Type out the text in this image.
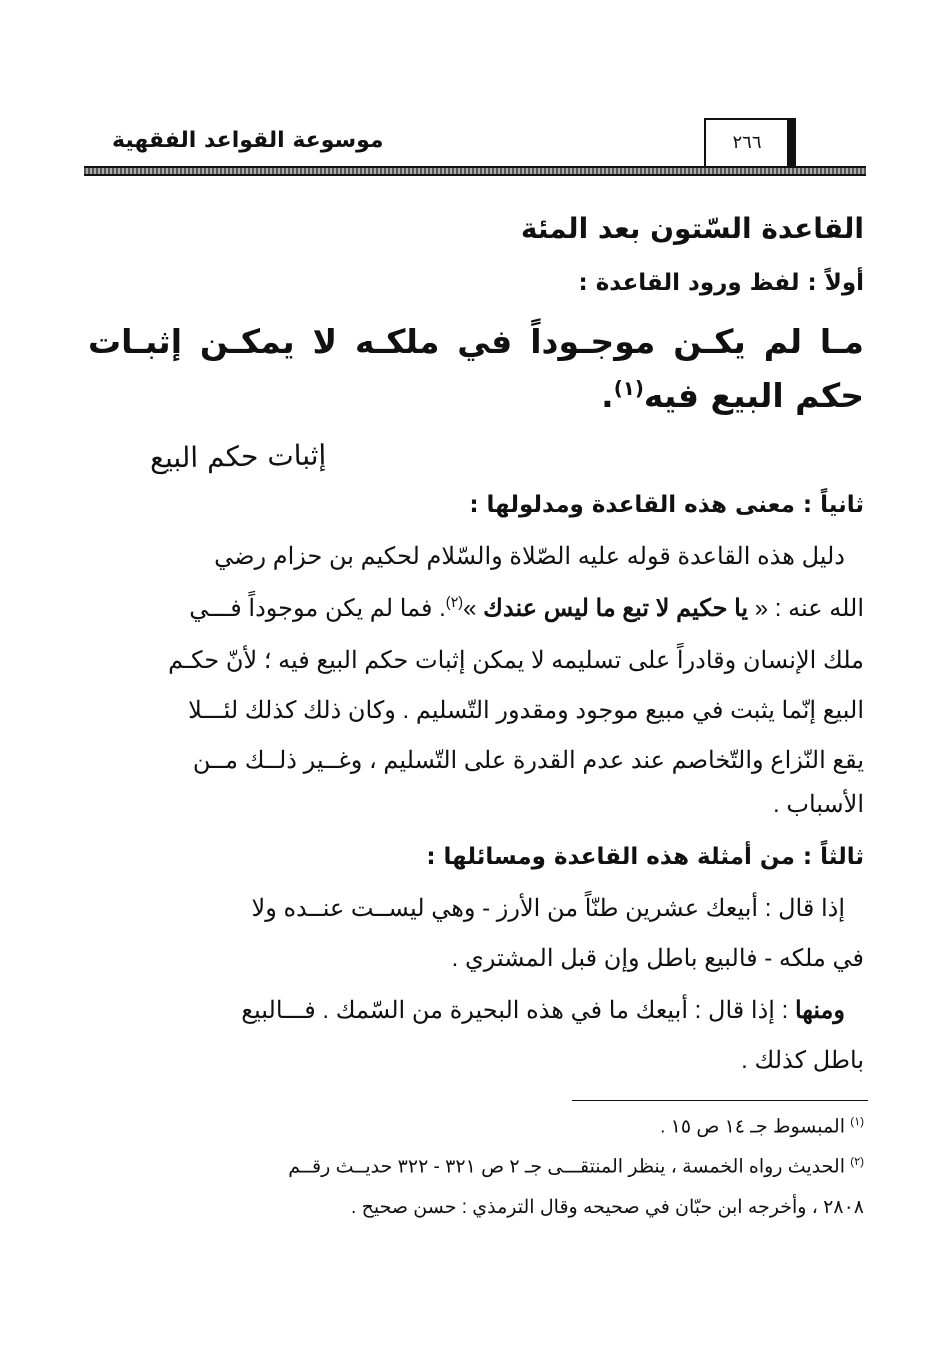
موسوعة القواعد الفقهية	٢٦٦
القاعدة السّتون بعد المئة
أولاً : لفظ ورود القاعدة :
مـا
لم
يكـن
موجـوداً
في
ملكـه
لا
يمكـن
إثبـات
حكم البيع فيه$^{(١)}$.
إثبات حكم البيع
ثانياً : معنى هذه القاعدة ومدلولها :
دليل هذه القاعدة قوله عليه الصّلاة والسّلام لحكيم بن حزام رضي
الله عنه : « يا حكيم لا تبع ما ليس عندك »$^{(٢)}$. فما لم يكن موجوداً فـــي
ملك الإنسان وقادراً على تسليمه لا يمكن إثبات حكم البيع فيه ؛ لأنّ حكـم
البيع إنّما يثبت في مبيع موجود ومقدور التّسليم . وكان ذلك كذلك لئـــلا
يقع النّزاع والتّخاصم عند عدم القدرة على التّسليم ، وغــير ذلــك مــن
الأسباب .
ثالثاً : من أمثلة هذه القاعدة ومسائلها :
إذا قال : أبيعك عشرين طنّاً من الأرز - وهي ليســت عنــده ولا
في ملكه - فالبيع باطل وإن قبل المشتري .
ومنها : إذا قال : أبيعك ما في هذه البحيرة من السّمك . فـــالبيع
باطل كذلك .
$^{(١)}$ المبسوط جـ ١٤ ص ١٥ .
$^{(٢)}$ الحديث رواه الخمسة ، ينظر المنتقـــى جـ ٢ ص ٣٢١ - ٣٢٢ حديــث رقــم
٢٨٠٨ ، وأخرجه ابن حبّان في صحيحه وقال الترمذي : حسن صحيح .
